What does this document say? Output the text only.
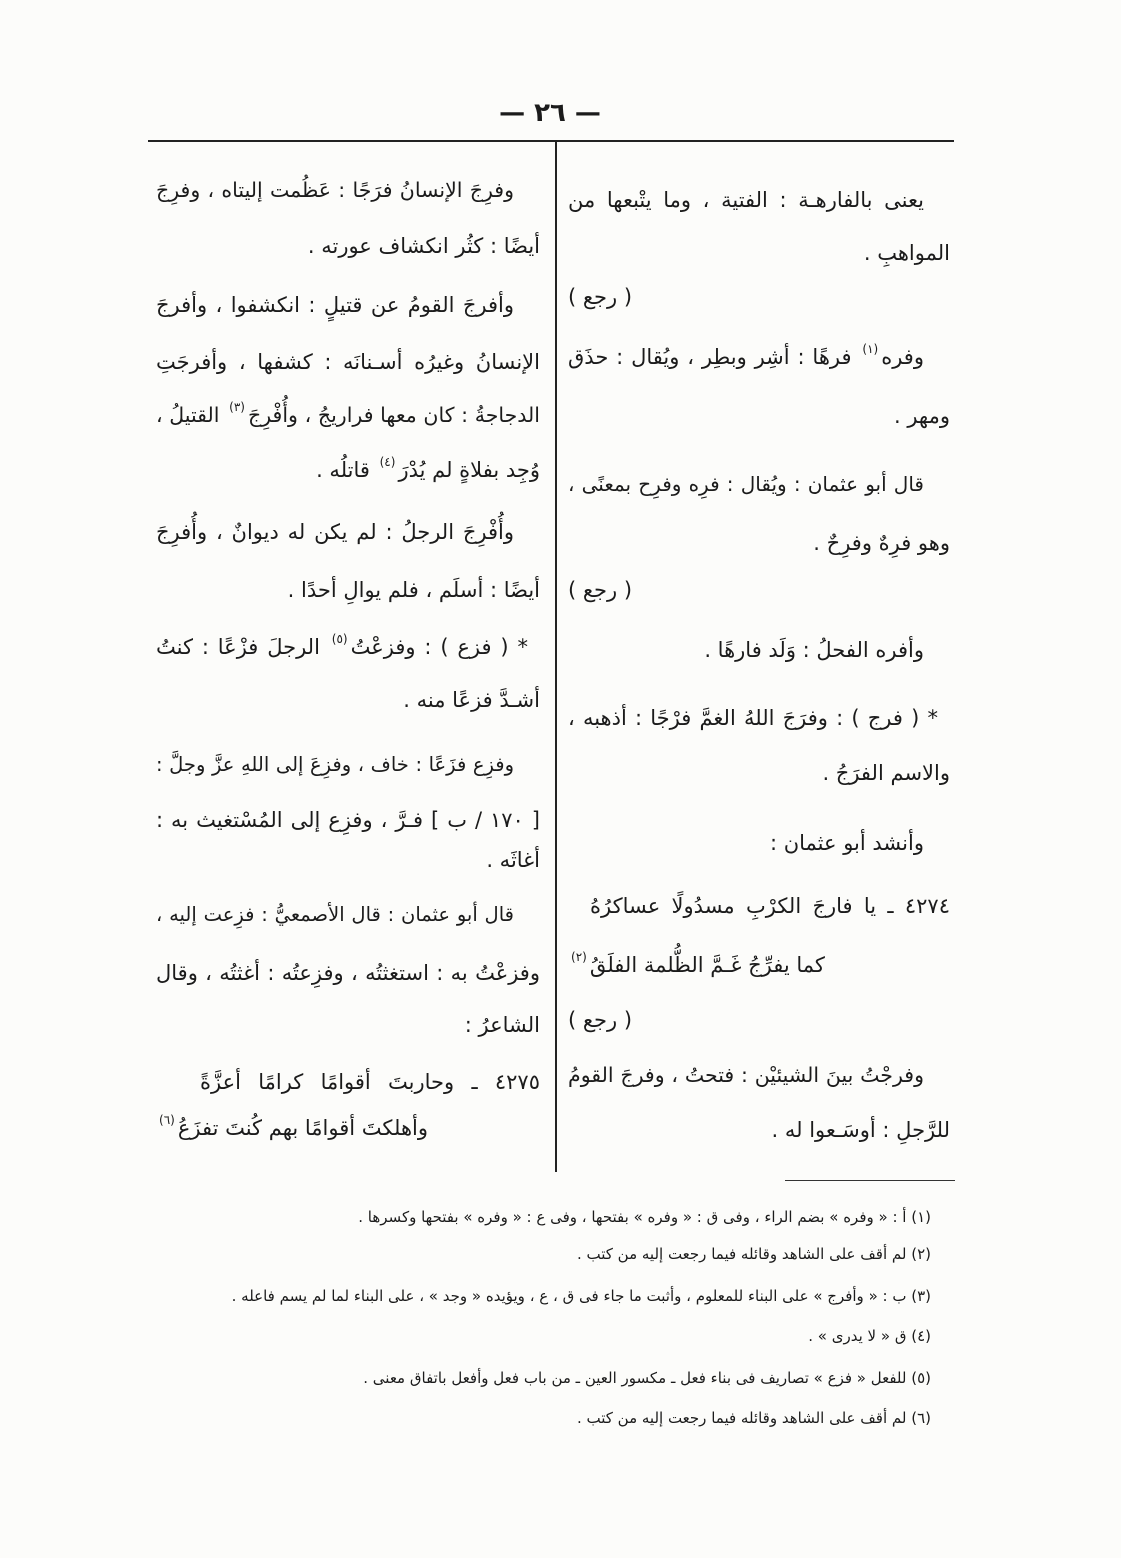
— ٢٦ —
يعنى بالفارهـة : الفتية ، وما يتْبعها من
المواهبِ .
( رجع )
وفره$^{(١)}$ فرهًا : أشِر وبطِر ، ويُقال : حذَق
ومهر .
قال أبو عثمان : ويُقال : فرِه وفرِح بمعنًى ،
وهو فرِهٌ وفرِحٌ .
( رجع )
وأفره الفحلُ : وَلَد فارهًا .
* ( فرج ) : وفرَجَ اللهُ الغمَّ فرْجًا : أذهبه ،
والاسم الفرَجُ .
وأنشد أبو عثمان :
٤٢٧٤ ـ يا فارجَ الكرْبِ مسدُولًا عساكرُهُ
كما يفرِّجُ غَـمَّ الظُّلمة الفلَقُ$^{(٢)}$
( رجع )
وفرجْتُ بينَ الشيئيْن : فتحتُ ، وفرجَ القومُ
للرَّجلِ : أوسَـعوا له .
وفرِجَ الإنسانُ فرَجًا : عَظُمت إليتاه ، وفرِجَ
أيضًا : كثُر انكشاف عورته .
وأفرجَ القومُ عن قتيلٍ : انكشفوا ، وأفرجَ
الإنسانُ وغيرُه أسـنانَه : كشفها ، وأفرجَتِ
الدجاجةُ : كان معها فراريجُ ، وأُفْرِجَ$^{(٣)}$ القتيلُ ،
وُجِد بفلاةٍ لم يُدْرَ$^{(٤)}$ قاتلُه .
وأُفْرِجَ الرجلُ : لم يكن له ديوانٌ ، وأُفرِجَ
أيضًا : أسلَم ، فلم يوالِ أحدًا .
* ( فزع ) : وفزعْتُ$^{(٥)}$ الرجلَ فزْعًا : كنتُ
أشـدَّ فزعًا منه .
وفزِع فزَعًا : خاف ، وفزِعَ إلى اللهِ عزَّ وجلَّ :
[ ١٧٠ / ب ] فـرَّ ، وفزِع إلى المُسْتغيث به :
أغاثَه .
قال أبو عثمان : قال الأصمعيُّ : فزِعت إليه ،
وفزعْتُ به : استغثتُه ، وفزِعتُه : أغثتُه ، وقال
الشاعرُ :
٤٢٧٥ ـ وحاربتَ أقوامًا كرامًا أعزَّةً
وأهلكتَ أقوامًا بهم كُنتَ تفزَعُ$^{(٦)}$
(١) أ : « وفره » بضم الراء ، وفى ق : « وفره » بفتحها ، وفى ع : « وفره » بفتحها وكسرها .
(٢) لم أقف على الشاهد وقائله فيما رجعت إليه من كتب .
(٣) ب : « وأفرج » على البناء للمعلوم ، وأثبت ما جاء فى ق ، ع ، ويؤيده « وجد » ، على البناء لما لم يسم فاعله .
(٤) ق « لا يدرى » .
(٥) للفعل « فزع » تصاريف فى بناء فعل ـ مكسور العين ـ من باب فعل وأفعل باتفاق معنى .
(٦) لم أقف على الشاهد وقائله فيما رجعت إليه من كتب .
